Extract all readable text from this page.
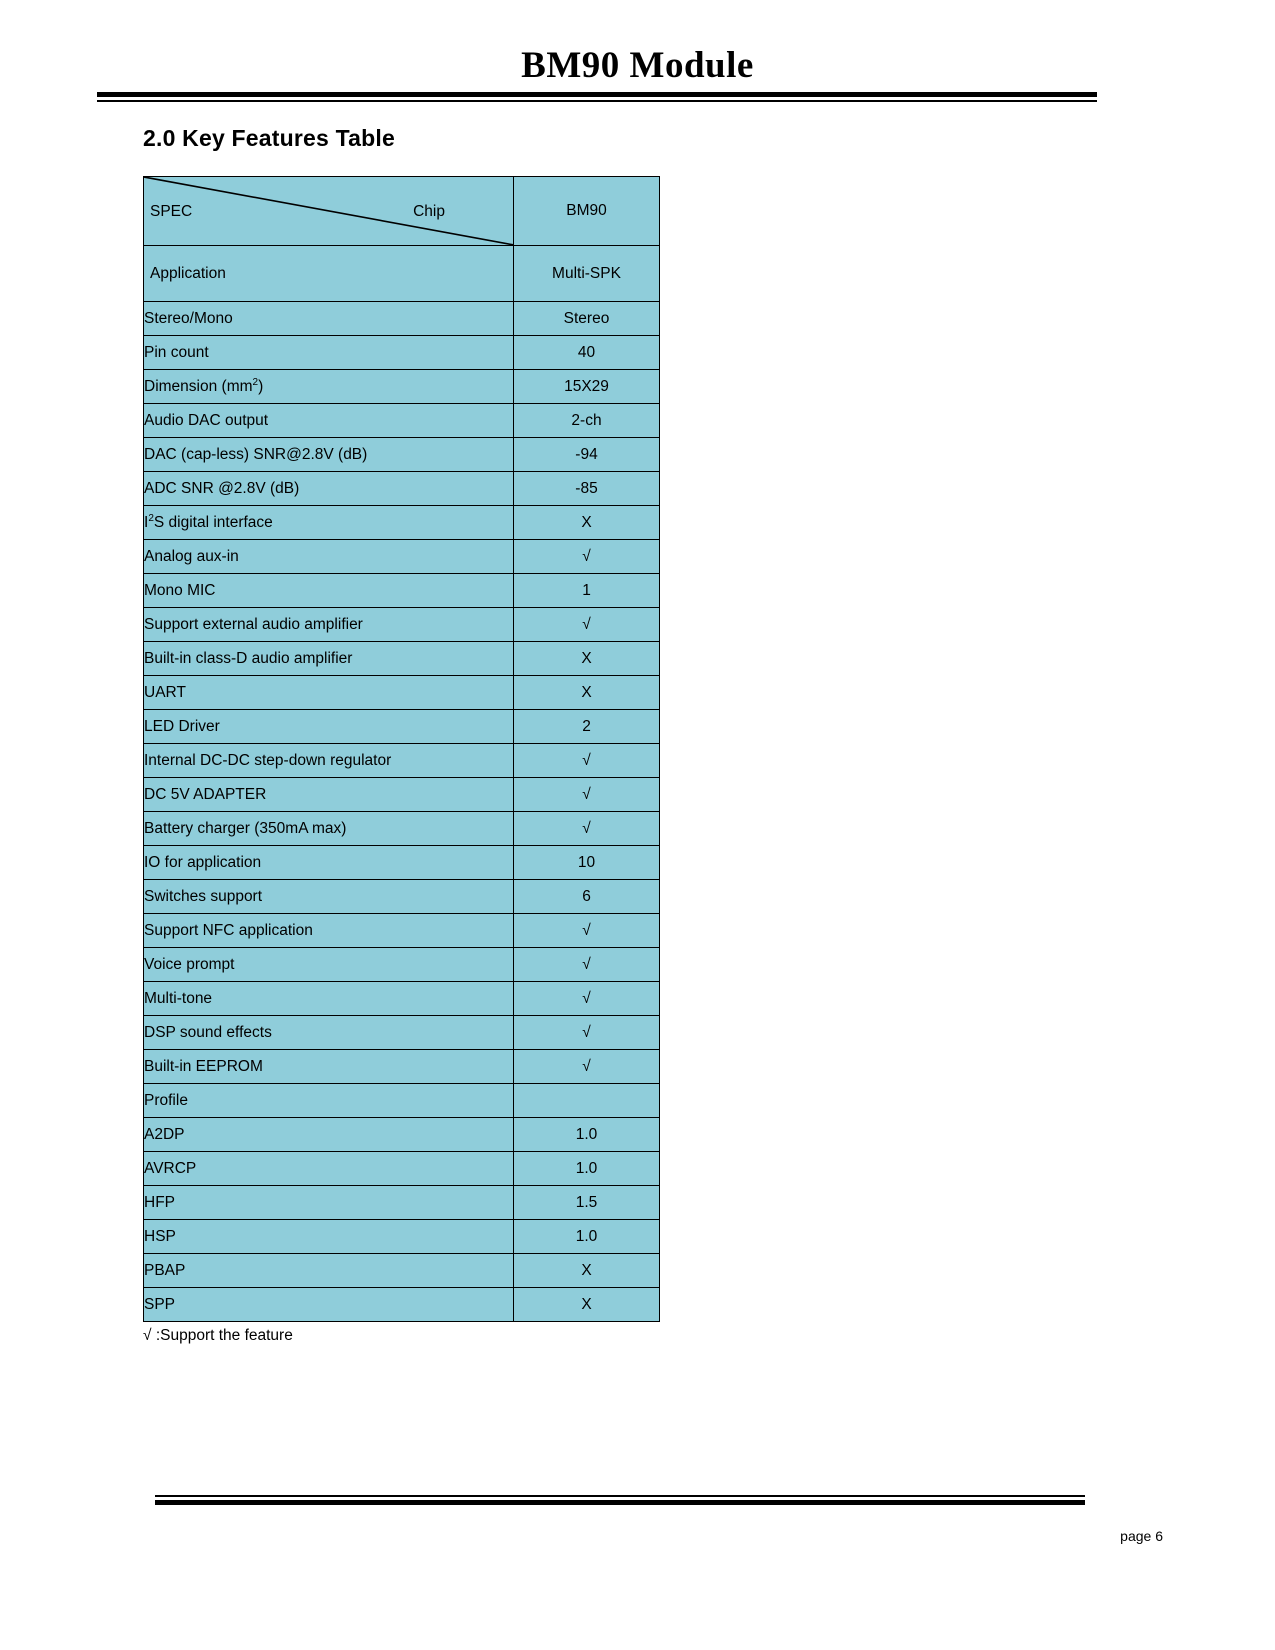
BM90 Module
2.0 Key Features Table
SPEC Chip	BM90
Application	Multi-SPK
Stereo/Mono	Stereo
Pin count	40
Dimension $(mm^2)$	15X29
Audio DAC output	2-ch
DAC (cap-less) SNR@2.8V (dB)	-94
ADC SNR @2.8V (dB)	-85
$I^2S$ digital interface	X
Analog aux-in	√
Mono MIC	1
Support external audio amplifier	√
Built-in class-D audio amplifier	X
UART	X
LED Driver	2
Internal DC-DC step-down regulator	√
DC 5V ADAPTER	√
Battery charger (350mA max)	√
IO for application	10
Switches support	6
Support NFC application	√
Voice prompt	√
Multi-tone	√
DSP sound effects	√
Built-in EEPROM	√
Profile	
A2DP	1.0
AVRCP	1.0
HFP	1.5
HSP	1.0
PBAP	X
SPP	X
√ :Support the feature
page 6
